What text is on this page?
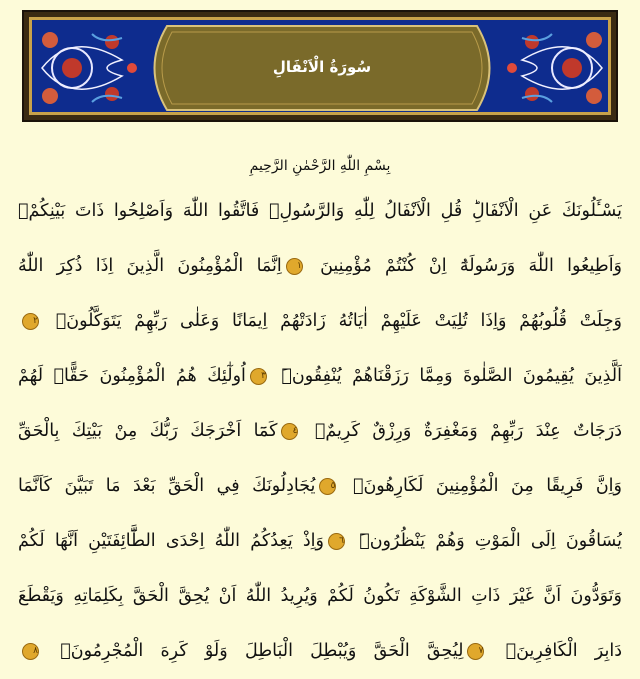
سُورَةُ الْاَنْفَالِ
بِسْمِ اللّٰهِ الرَّحْمٰنِ الرَّحِيمِ
يَسْـَٔلُونَكَ عَنِ الْاَنْفَالِؕ قُلِ الْاَنْفَالُ لِلّٰهِ وَالرَّسُولِۚ فَاتَّقُوا اللّٰهَ وَاَصْلِحُوا ذَاتَ بَيْنِكُمْۖ
وَاَطِيعُوا اللّٰهَ وَرَسُولَهُٓ اِنْ كُنْتُمْ مُؤْمِنِينَ ١اِنَّمَا الْمُؤْمِنُونَ الَّذِينَ اِذَا ذُكِرَ اللّٰهُ
وَجِلَتْ قُلُوبُهُمْ وَاِذَا تُلِيَتْ عَلَيْهِمْ اٰيَاتُهُ زَادَتْهُمْ اِيمَانًا وَعَلٰى رَبِّهِمْ يَتَوَكَّلُونَۚ ٢
اَلَّذِينَ يُقِيمُونَ الصَّلٰوةَ وَمِمَّا رَزَقْنَاهُمْ يُنْفِقُونَۜ ٣اُولٰٓئِكَ هُمُ الْمُؤْمِنُونَ حَقًّاۜ لَهُمْ
دَرَجَاتٌ عِنْدَ رَبِّهِمْ وَمَغْفِرَةٌ وَرِزْقٌ كَرِيمٌۚ ٤كَمَٓا اَخْرَجَكَ رَبُّكَ مِنْ بَيْتِكَ بِالْحَقِّ
وَاِنَّ فَرِيقًا مِنَ الْمُؤْمِنِينَ لَكَارِهُونَۙ ٥يُجَادِلُونَكَ فِي الْحَقِّ بَعْدَ مَا تَبَيَّنَ كَاَنَّمَا
يُسَاقُونَ اِلَى الْمَوْتِ وَهُمْ يَنْظُرُونَۜ ٦وَاِذْ يَعِدُكُمُ اللّٰهُ اِحْدَى الطَّٓائِفَتَيْنِ اَنَّهَا لَكُمْ
وَتَوَدُّونَ اَنَّ غَيْرَ ذَاتِ الشَّوْكَةِ تَكُونُ لَكُمْ وَيُرِيدُ اللّٰهُ اَنْ يُحِقَّ الْحَقَّ بِكَلِمَاتِهِ وَيَقْطَعَ
دَابِرَ الْكَافِرِينَۙ ٧لِيُحِقَّ الْحَقَّ وَيُبْطِلَ الْبَاطِلَ وَلَوْ كَرِهَ الْمُجْرِمُونَۚ ٨
